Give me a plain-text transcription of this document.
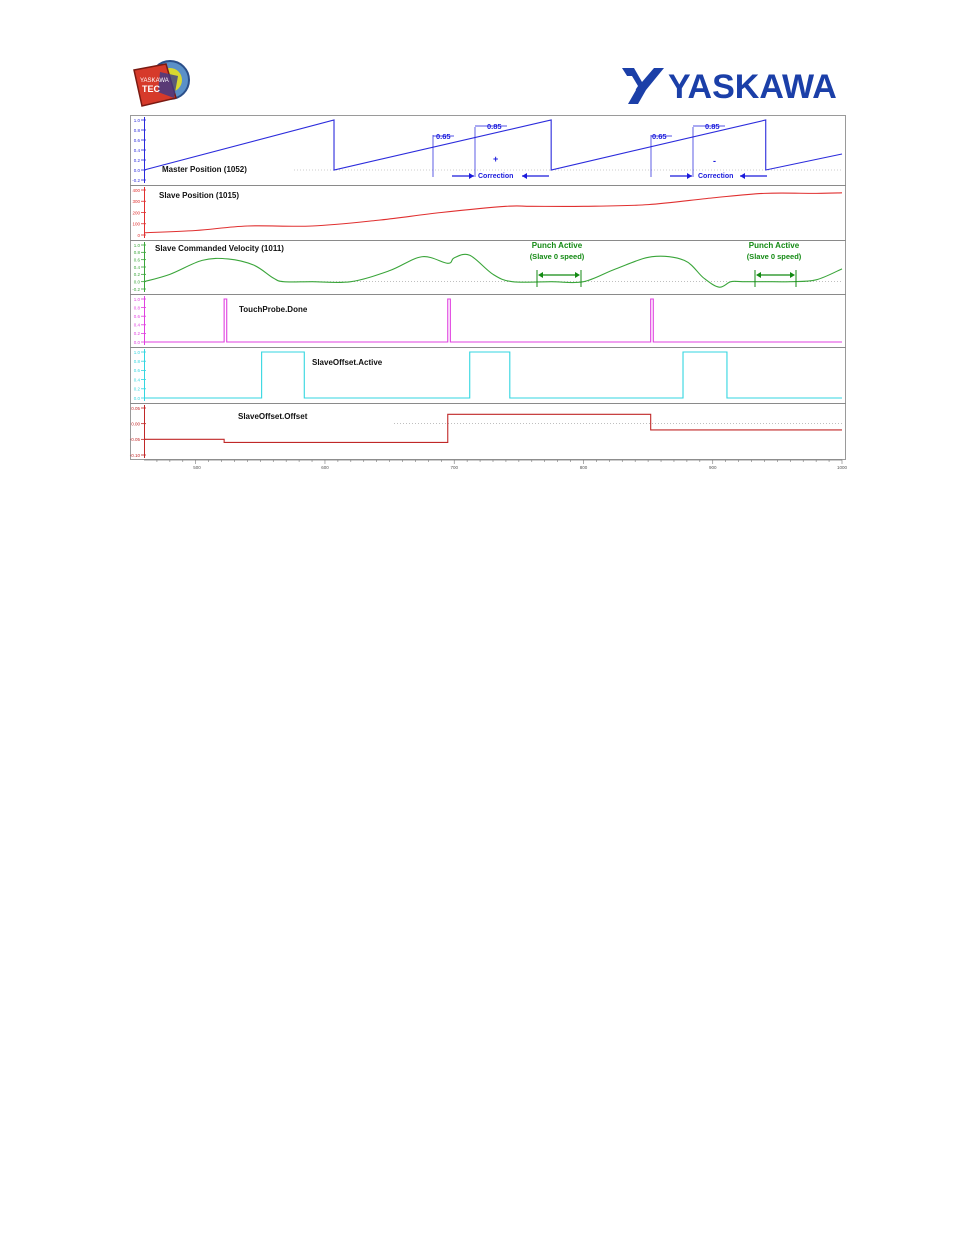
YASKAWA
TEC	YASKAWA
1.0
0.8
0.6
0.4
0.2
0.0
-0.2
Master Position (1052)
400
300
200
100
0
Slave Position (1015)
1.0
0.8
0.6
0.4
0.2
0.0
-0.2
Slave Commanded Velocity (1011)
1.0
0.8
0.6
0.4
0.2
0.0
TouchProbe.Done
1.0
0.8
0.6
0.4
0.2
0.0
SlaveOffset.Active
0.05
0.00
-0.05
-0.10
SlaveOffset.Offset
500	600	700	800	900	1000
0.65
0.85
+
Correction
0.65
0.85
-
Correction
Punch Active
(Slave 0 speed)
Punch Active
(Slave 0 speed)
